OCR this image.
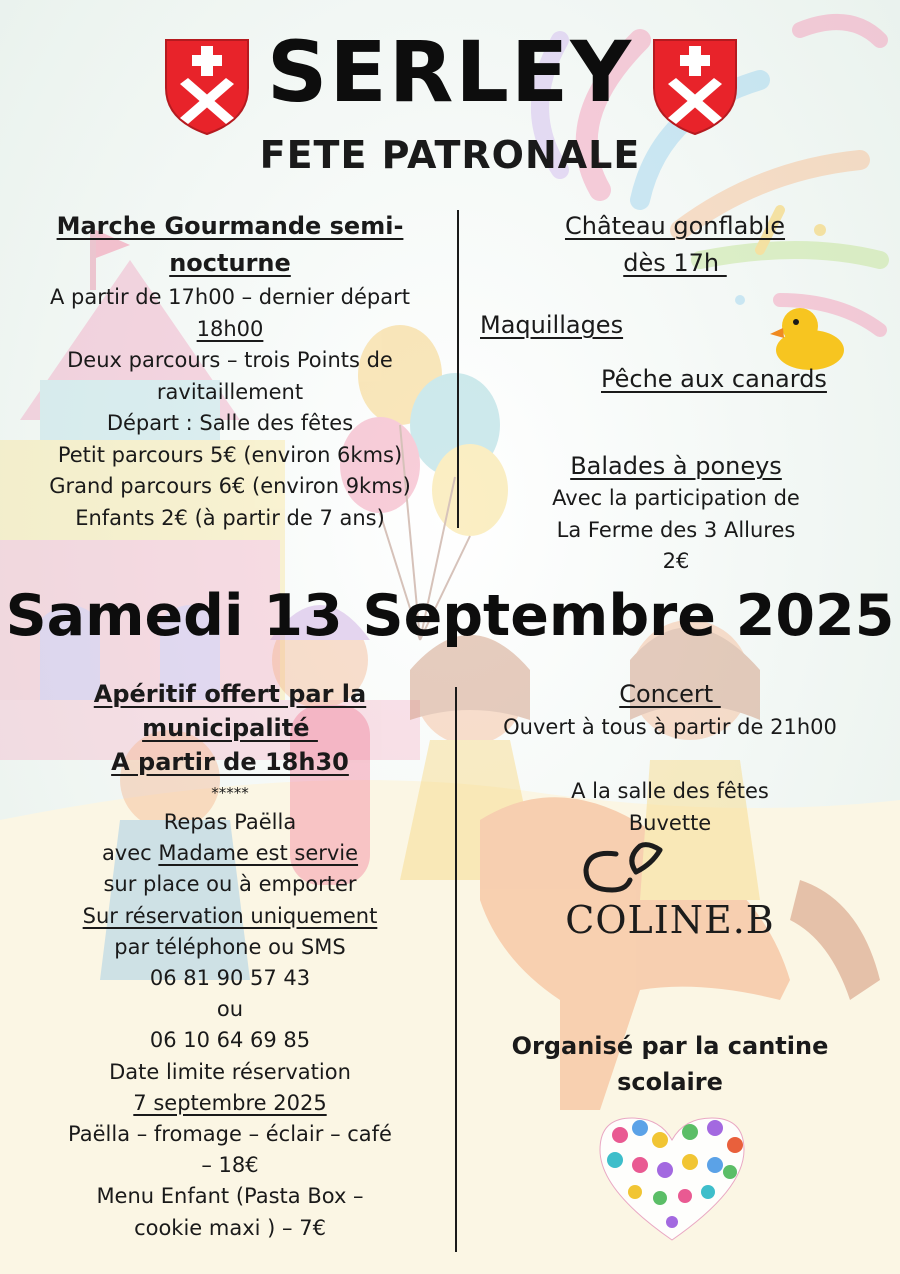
SERLEY
FETE PATRONALE
Marche Gourmande semi-
nocturne
A partir de 17h00 – dernier départ
18h00
Deux parcours – trois Points de
ravitaillement
Départ : Salle des fêtes
Petit parcours 5€ (environ 6kms)
Grand parcours 6€ (environ 9kms)
Enfants 2€ (à partir de 7 ans)
Château gonflable
dès 17h
Maquillages
Pêche aux canards
Balades à poneys
Avec la participation de
La Ferme des 3 Allures
2€
Samedi 13 Septembre 2025
Apéritif offert par la
municipalité
A partir de 18h30
*****
Repas Paëlla
avec Madame est servie
sur place ou à emporter
Sur réservation uniquement
par téléphone ou SMS
06 81 90 57 43
ou
06 10 64 69 85
Date limite réservation
7 septembre 2025
Paëlla – fromage – éclair – café
– 18€
Menu Enfant (Pasta Box –
cookie maxi ) – 7€
Concert
Ouvert à tous à partir de 21h00

A la salle des fêtes
Buvette
COLINE.B
Organisé par la cantine
scolaire
